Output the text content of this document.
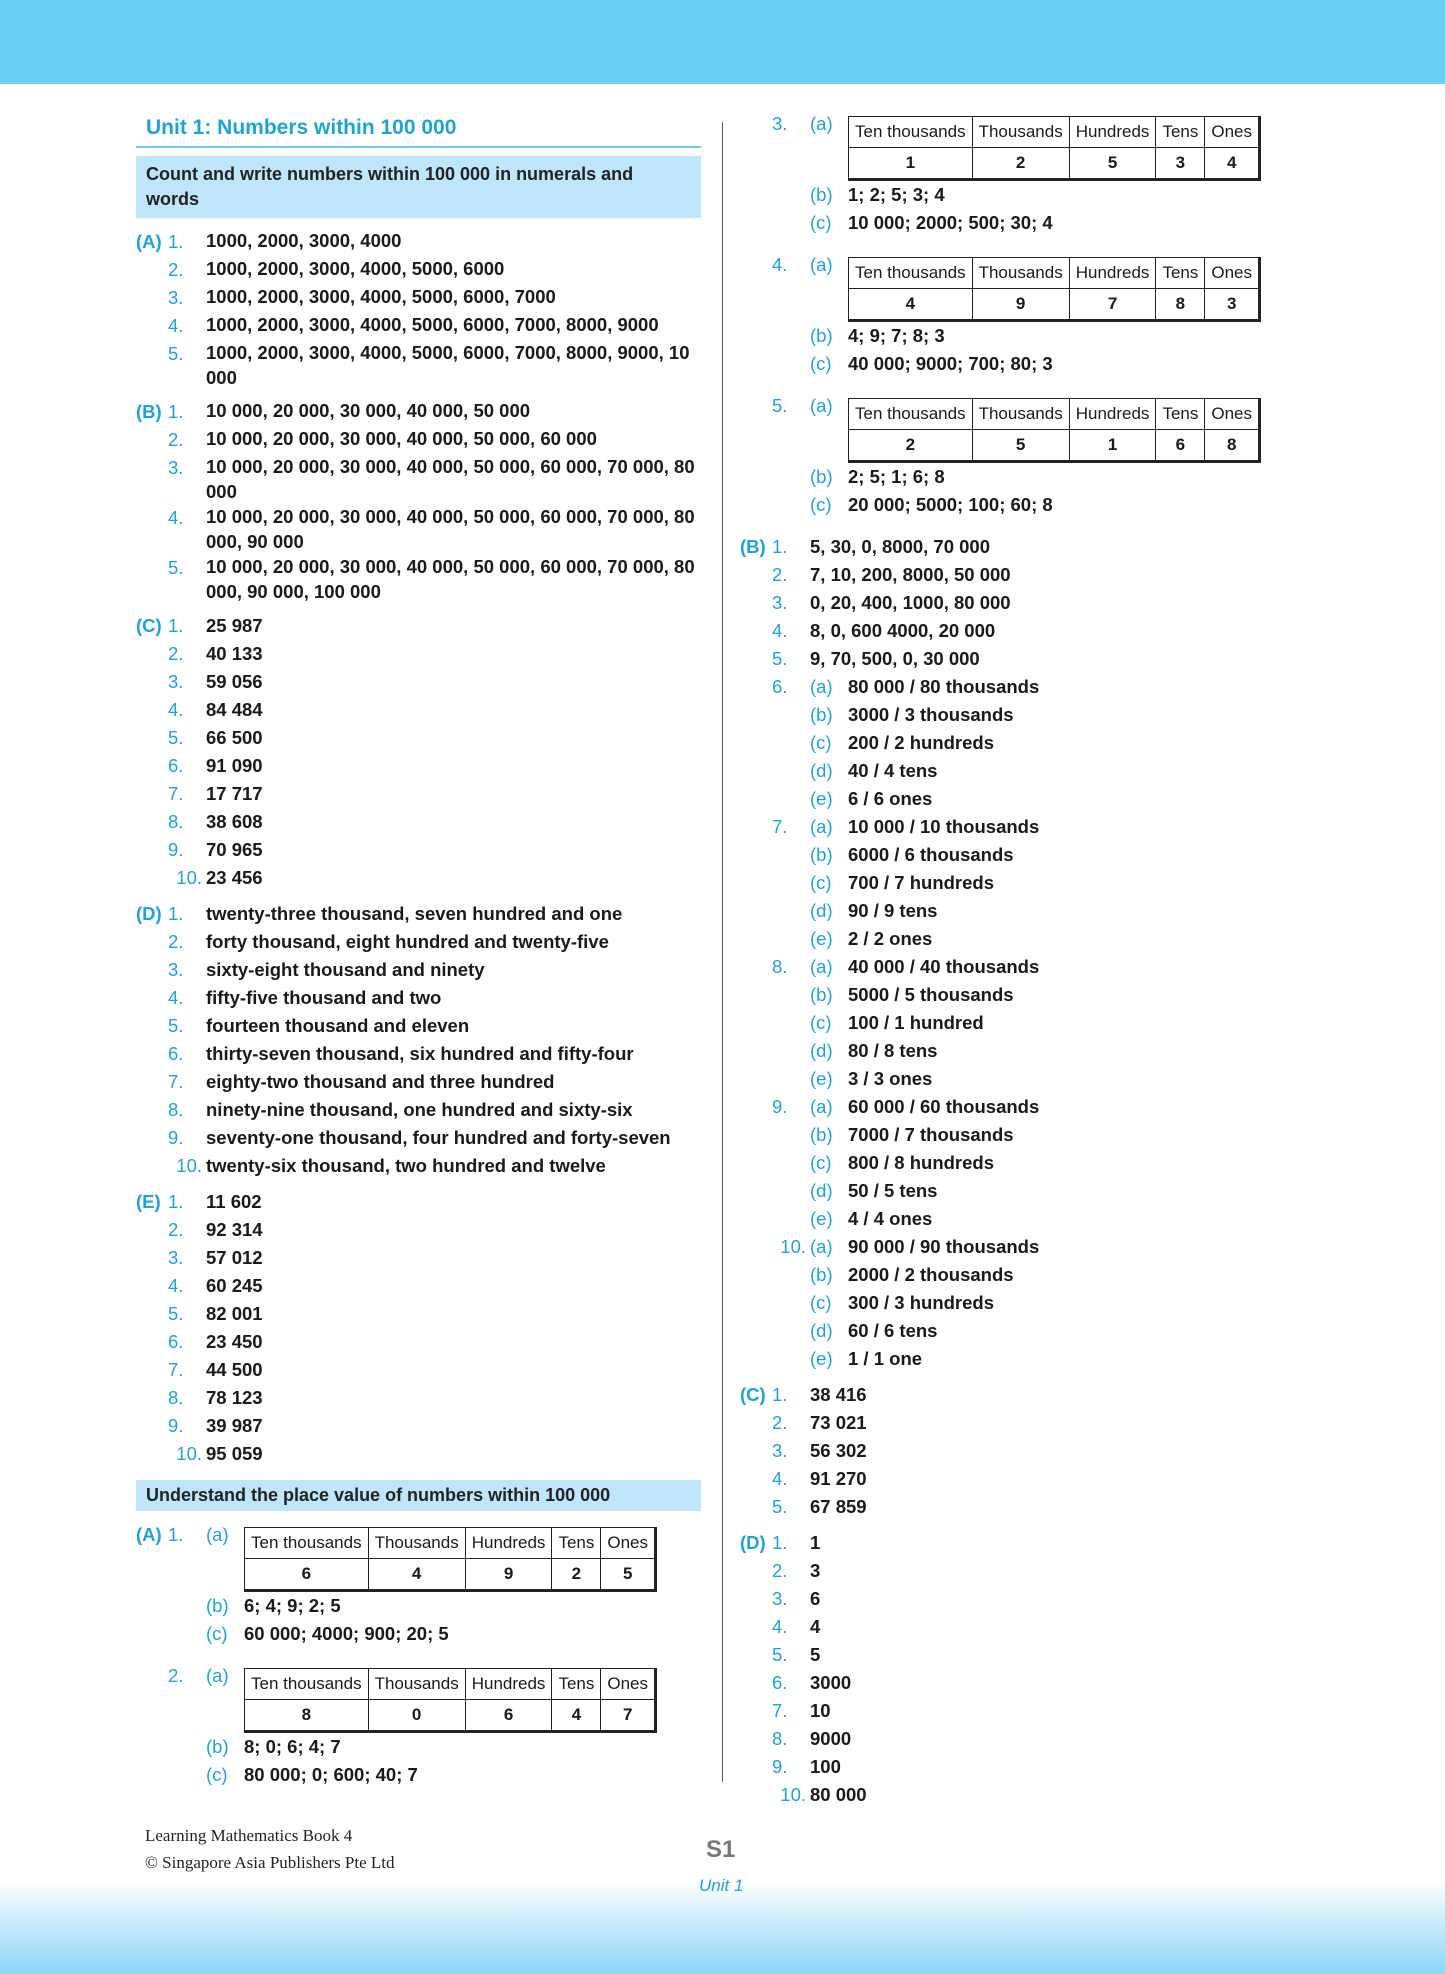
Unit 1: Numbers within 100 000
Count and write numbers within 100 000 in numerals and words
(A) 1.	1000, 2000, 3000, 4000
2.	1000, 2000, 3000, 4000, 5000, 6000
3.	1000, 2000, 3000, 4000, 5000, 6000, 7000
4.	1000, 2000, 3000, 4000, 5000, 6000, 7000, 8000, 9000
5.	1000, 2000, 3000, 4000, 5000, 6000, 7000, 8000, 9000, 10 000
(B) 1.	10 000, 20 000, 30 000, 40 000, 50 000
2.	10 000, 20 000, 30 000, 40 000, 50 000, 60 000
3.	10 000, 20 000, 30 000, 40 000, 50 000, 60 000, 70 000, 80 000
4.	10 000, 20 000, 30 000, 40 000, 50 000, 60 000, 70 000, 80 000, 90 000
5.	10 000, 20 000, 30 000, 40 000, 50 000, 60 000, 70 000, 80 000, 90 000, 100 000
(C) 1.	25 987
2.	40 133
3.	59 056
4.	84 484
5.	66 500
6.	91 090
7.	17 717
8.	38 608
9.	70 965
10. 23 456
(D) 1.	twenty-three thousand, seven hundred and one
2.	forty thousand, eight hundred and twenty-five
3.	sixty-eight thousand and ninety
4.	fifty-five thousand and two
5.	fourteen thousand and eleven
6.	thirty-seven thousand, six hundred and fifty-four
7.	eighty-two thousand and three hundred
8.	ninety-nine thousand, one hundred and sixty-six
9.	seventy-one thousand, four hundred and forty-seven
10. twenty-six thousand, two hundred and twelve
(E) 1.	11 602
2.	92 314
3.	57 012
4.	60 245
5.	82 001
6.	23 450
7.	44 500
8.	78 123
9.	39 987
10. 95 059
Understand the place value of numbers within 100 000
(A) 1.	(a)	Ten thousands	Thousands	Hundreds	Tens	Ones
6	4	9	2	5
(b) 6; 4; 9; 2; 5
(c) 60 000; 4000; 900; 20; 5
2.	(a)	Ten thousands	Thousands	Hundreds	Tens	Ones
8	0	6	4	7
(b) 8; 0; 6; 4; 7
(c) 80 000; 0; 600; 40; 7
3.	(a)	Ten thousands	Thousands	Hundreds	Tens	Ones
1	2	5	3	4
(b) 1; 2; 5; 3; 4
(c) 10 000; 2000; 500; 30; 4
4.	(a)	Ten thousands	Thousands	Hundreds	Tens	Ones
4	9	7	8	3
(b) 4; 9; 7; 8; 3
(c) 40 000; 9000; 700; 80; 3
5.	(a)	Ten thousands	Thousands	Hundreds	Tens	Ones
2	5	1	6	8
(b) 2; 5; 1; 6; 8
(c) 20 000; 5000; 100; 60; 8
(B) 1.	5, 30, 0, 8000, 70 000
2.	7, 10, 200, 8000, 50 000
3.	0, 20, 400, 1000, 80 000
4.	8, 0, 600 4000, 20 000
5.	9, 70, 500, 0, 30 000
6.	(a) 80 000 / 80 thousands
(b) 3000 / 3 thousands
(c) 200 / 2 hundreds
(d) 40 / 4 tens
(e) 6 / 6 ones
7.	(a) 10 000 / 10 thousands
(b) 6000 / 6 thousands
(c) 700 / 7 hundreds
(d) 90 / 9 tens
(e) 2 / 2 ones
8.	(a) 40 000 / 40 thousands
(b) 5000 / 5 thousands
(c) 100 / 1 hundred
(d) 80 / 8 tens
(e) 3 / 3 ones
9.	(a) 60 000 / 60 thousands
(b) 7000 / 7 thousands
(c) 800 / 8 hundreds
(d) 50 / 5 tens
(e) 4 / 4 ones
10. (a) 90 000 / 90 thousands
(b) 2000 / 2 thousands
(c) 300 / 3 hundreds
(d) 60 / 6 tens
(e) 1 / 1 one
(C) 1.	38 416
2.	73 021
3.	56 302
4.	91 270
5.	67 859
(D) 1.	1
2.	3
3.	6
4.	4
5.	5
6.	3000
7.	10
8.	9000
9.	100
10. 80 000
Learning Mathematics Book 4
© Singapore Asia Publishers Pte Ltd	S1
Unit 1
